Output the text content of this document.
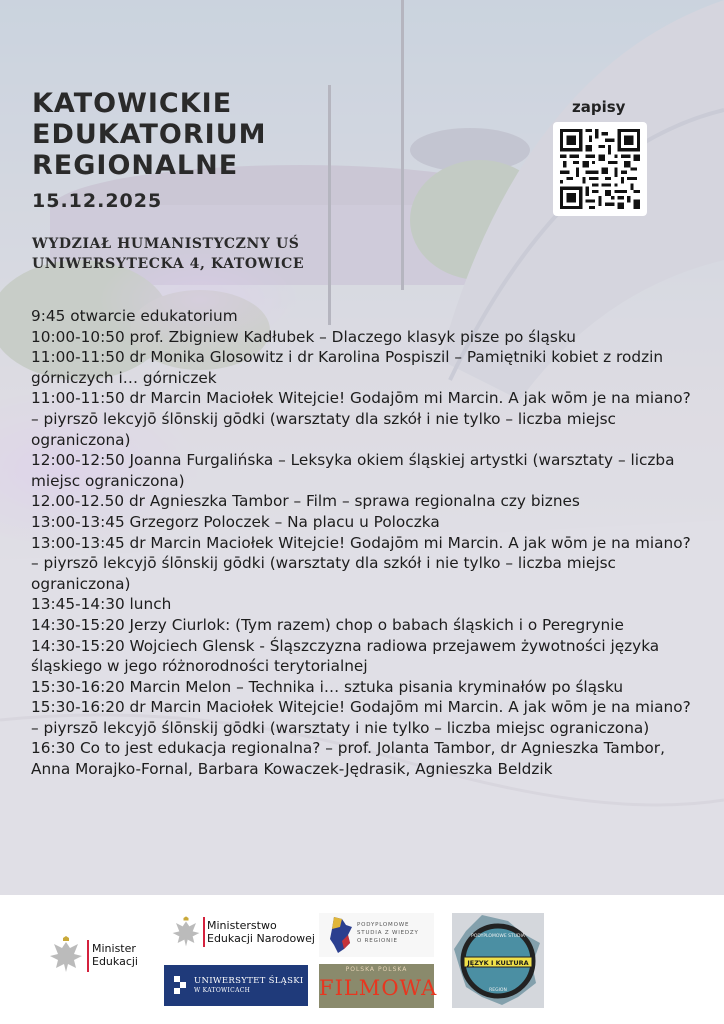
KATOWICKIE
EDUKATORIUM
REGIONALNE
15.12.2025
WYDZIAŁ HUMANISTYCZNY UŚ
UNIWERSYTECKA 4, KATOWICE
zapisy
9:45 otwarcie edukatorium
10:00-10:50 prof. Zbigniew Kadłubek – Dlaczego klasyk pisze po śląsku
11:00-11:50 dr Monika Glosowitz i dr Karolina Pospiszil – Pamiętniki kobiet z rodzin górniczych i… górniczek
11:00-11:50 dr Marcin Maciołek Witejcie! Godajōm mi Marcin. A jak wōm je na miano? – piyrszō lekcyjō ślōnskij gōdki (warsztaty dla szkół i nie tylko – liczba miejsc ograniczona)
12:00-12:50 Joanna Furgalińska – Leksyka okiem śląskiej artystki (warsztaty – liczba miejsc ograniczona)
12.00-12.50 dr Agnieszka Tambor – Film – sprawa regionalna czy biznes
13:00-13:45 Grzegorz Poloczek – Na placu u Poloczka
13:00-13:45 dr Marcin Maciołek Witejcie! Godajōm mi Marcin. A jak wōm je na miano? – piyrszō lekcyjō ślōnskij gōdki (warsztaty dla szkół i nie tylko – liczba miejsc ograniczona)
13:45-14:30 lunch
14:30-15:20 Jerzy Ciurlok: (Tym razem) chop o babach śląskich i o Peregrynie
14:30-15:20 Wojciech Glensk - Śląszczyzna radiowa przejawem żywotności języka śląskiego w jego różnorodności terytorialnej
15:30-16:20 Marcin Melon – Technika i… sztuka pisania kryminałów po śląsku
15:30-16:20 dr Marcin Maciołek Witejcie! Godajōm mi Marcin. A jak wōm je na miano? – piyrszō lekcyjō ślōnskij gōdki (warsztaty i nie tylko – liczba miejsc ograniczona)
16:30 Co to jest edukacja regionalna? – prof. Jolanta Tambor, dr Agnieszka Tambor, Anna Morajko-Fornal, Barbara Kowaczek-Jędrasik, Agnieszka Beldzik
Minister
Edukacji
Ministerstwo
Edukacji Narodowej
UNIWERSYTET ŚLĄSKI
W KATOWICACH
PODYPLOMOWE
STUDIA Z WIEDZY
O REGIONIE
POLSKA POLSKA
FILMOWA
JĘZYK I KULTURA
PODYPLOMOWE STUDIA
REGION
